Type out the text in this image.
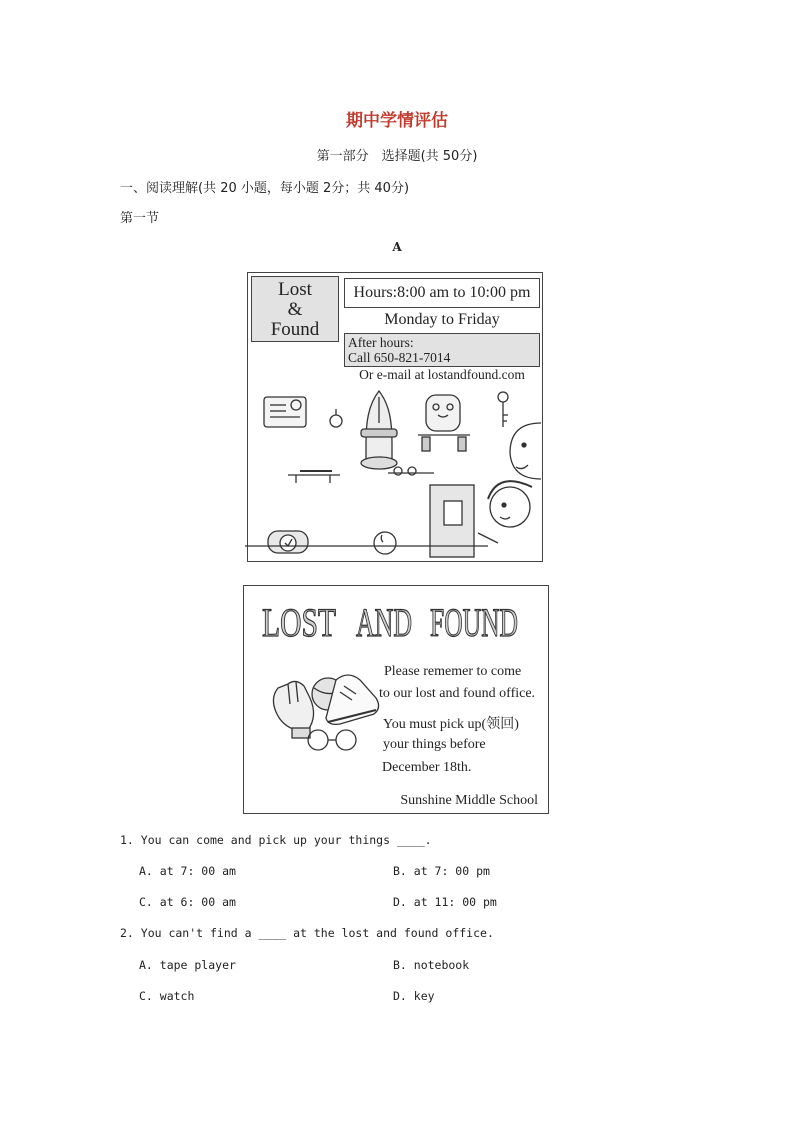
期中学情评估
第一部分　选择题(共 50分)
一、阅读理解(共 20 小题，每小题 2分；共 40分)
第一节
A
Lost
&
Found
Hours:8:00 am to 10:00 pm
Monday to Friday
After hours:
Call 650-821-7014
Or e-mail at lostandfound.com
LOST AND FOUND
Please rememer to come
to our lost and found office.
You must pick up(领回)
your things before
December 18th.
Sunshine Middle School
1. You can come and pick up your things ____.
A. at 7: 00 am	B. at 7: 00 pm
C. at 6: 00 am	D. at 11: 00 pm
2. You can't find a ____ at the lost and found office.
A. tape player	B. notebook
C. watch	D. key
